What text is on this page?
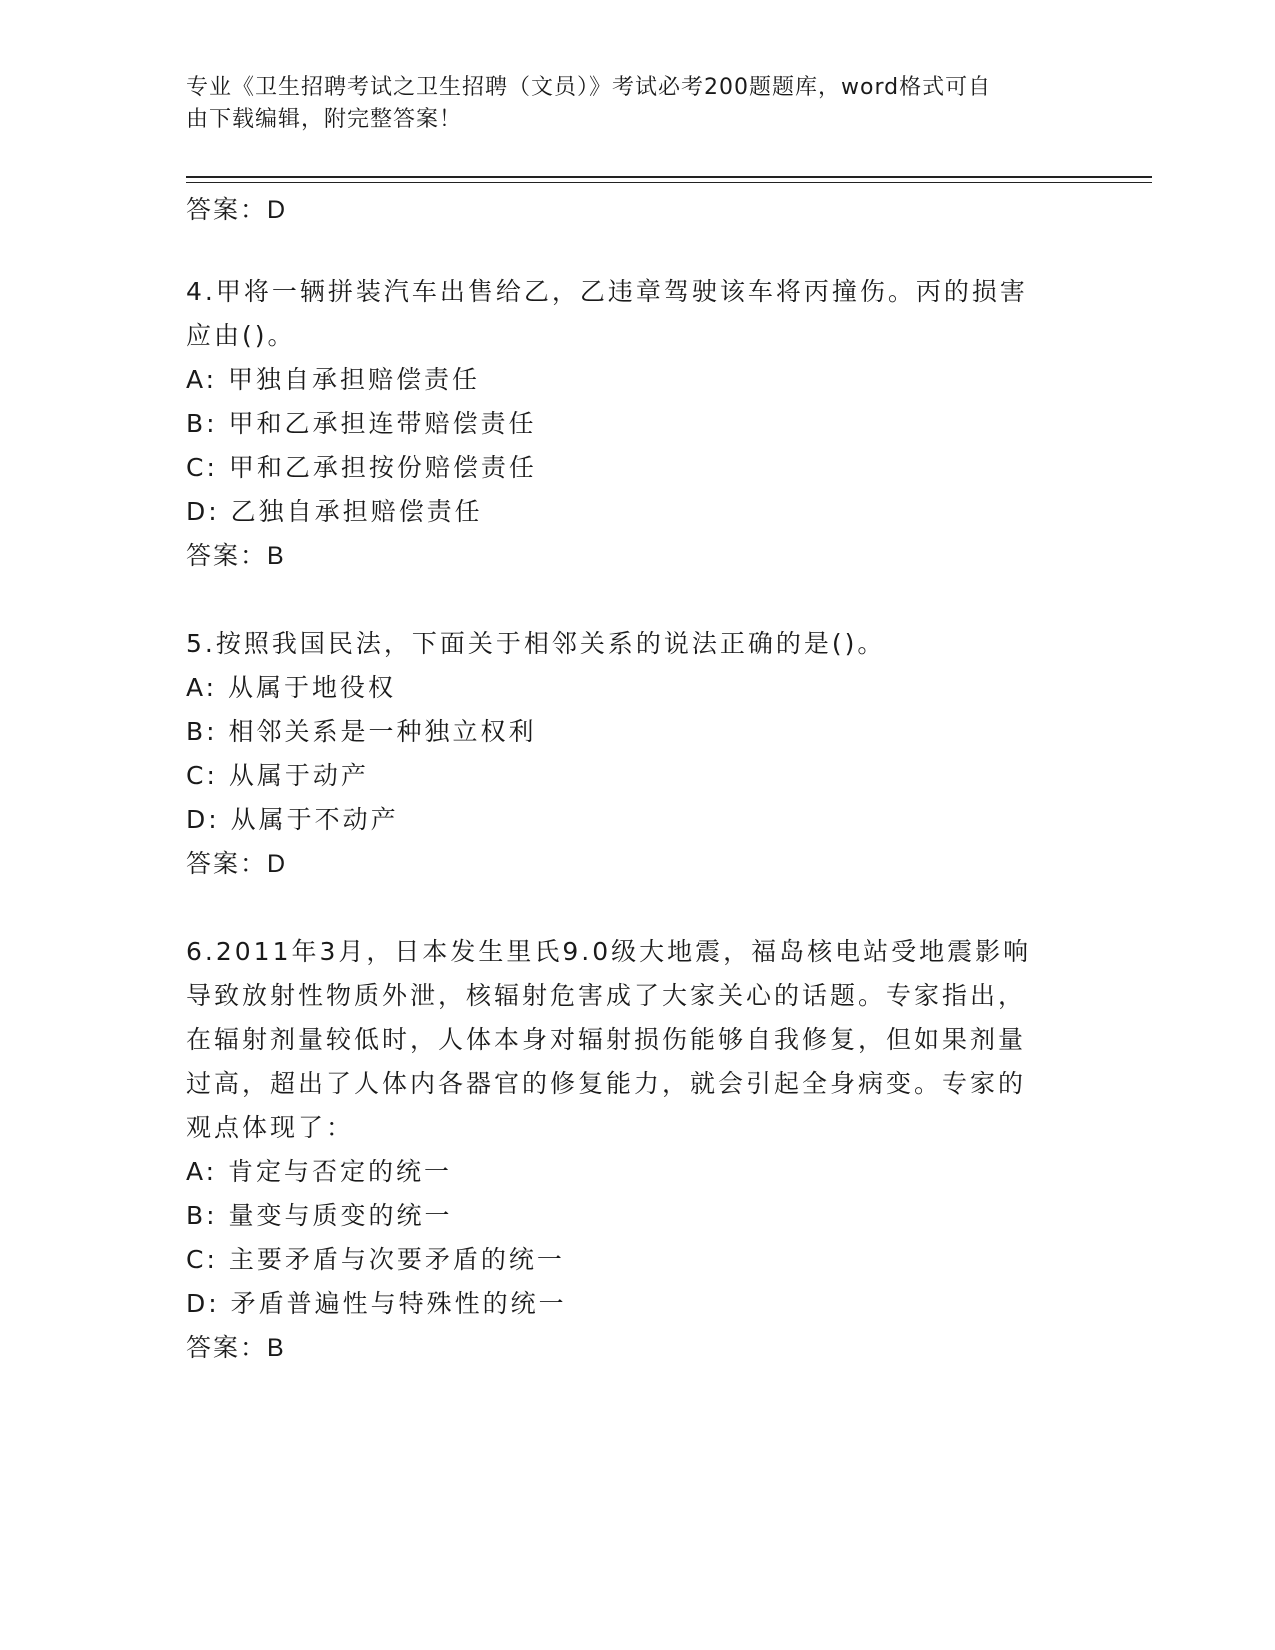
专业《卫生招聘考试之卫生招聘（文员）》考试必考200题题库，word格式可自
由下载编辑，附完整答案！
答案：D
4.甲将一辆拼装汽车出售给乙，乙违章驾驶该车将丙撞伤。丙的损害
应由()。
A: 甲独自承担赔偿责任
B: 甲和乙承担连带赔偿责任
C: 甲和乙承担按份赔偿责任
D: 乙独自承担赔偿责任
答案：B
5.按照我国民法，下面关于相邻关系的说法正确的是()。
A: 从属于地役权
B: 相邻关系是一种独立权利
C: 从属于动产
D: 从属于不动产
答案：D
6.2011年3月，日本发生里氏9.0级大地震，福岛核电站受地震影响
导致放射性物质外泄，核辐射危害成了大家关心的话题。专家指出，
在辐射剂量较低时，人体本身对辐射损伤能够自我修复，但如果剂量
过高，超出了人体内各器官的修复能力，就会引起全身病变。专家的
观点体现了：
A: 肯定与否定的统一
B: 量变与质变的统一
C: 主要矛盾与次要矛盾的统一
D: 矛盾普遍性与特殊性的统一
答案：B
